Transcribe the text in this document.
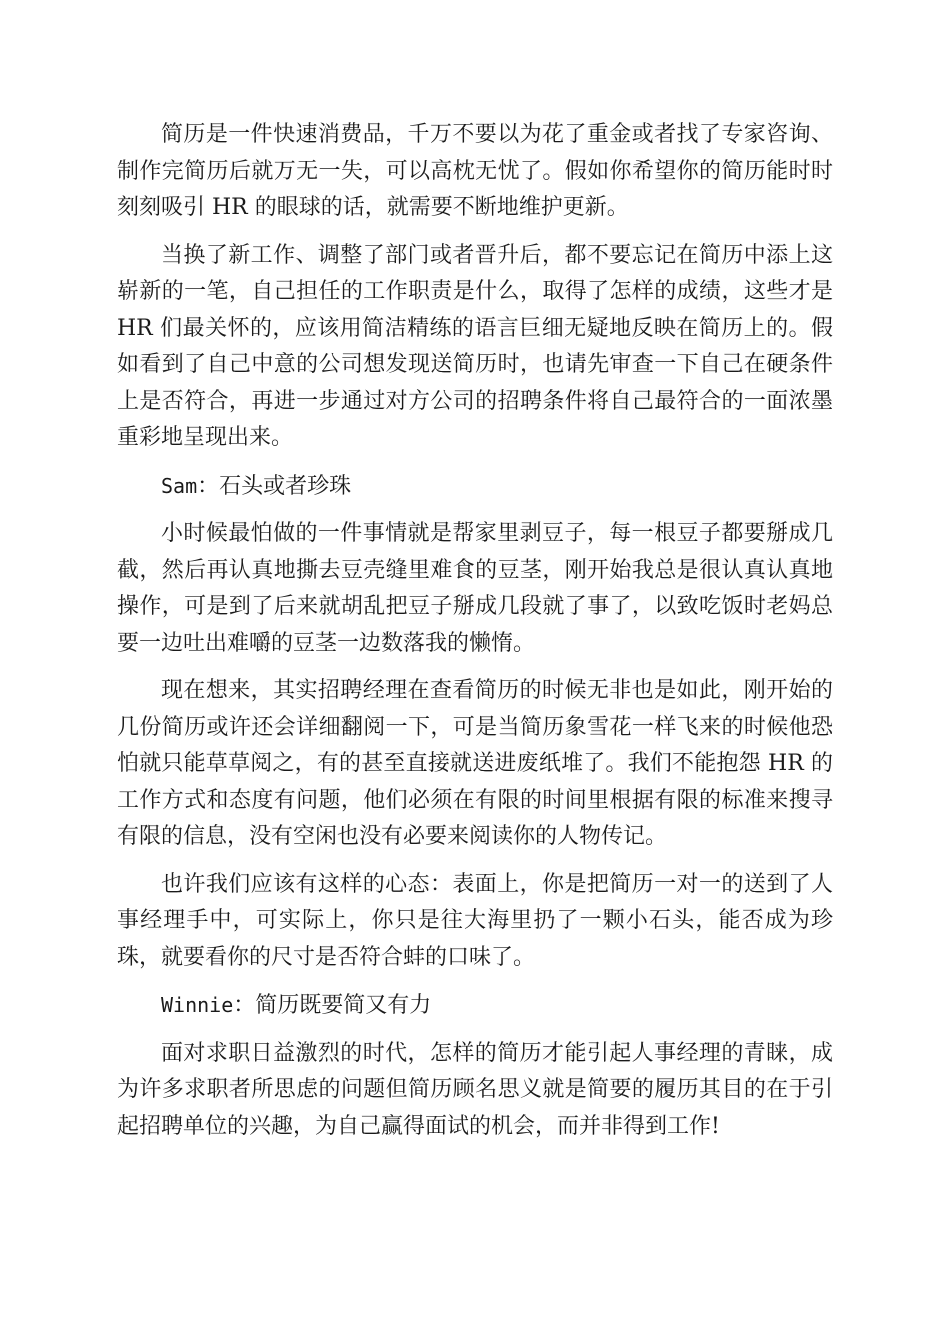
简历是一件快速消费品，千万不要以为花了重金或者找了专家咨询、制作完简历后就万无一失，可以高枕无忧了。假如你希望你的简历能时时刻刻吸引 HR 的眼球的话，就需要不断地维护更新。

当换了新工作、调整了部门或者晋升后，都不要忘记在简历中添上这崭新的一笔，自己担任的工作职责是什么，取得了怎样的成绩，这些才是 HR 们最关怀的，应该用简洁精练的语言巨细无疑地反映在简历上的。假如看到了自己中意的公司想发现送简历时，也请先审查一下自己在硬条件上是否符合，再进一步通过对方公司的招聘条件将自己最符合的一面浓墨重彩地呈现出来。

Sam：石头或者珍珠

小时候最怕做的一件事情就是帮家里剥豆子，每一根豆子都要掰成几截，然后再认真地撕去豆壳缝里难食的豆茎，刚开始我总是很认真认真地操作，可是到了后来就胡乱把豆子掰成几段就了事了，以致吃饭时老妈总要一边吐出难嚼的豆茎一边数落我的懒惰。

现在想来，其实招聘经理在查看简历的时候无非也是如此，刚开始的几份简历或许还会详细翻阅一下，可是当简历象雪花一样飞来的时候他恐怕就只能草草阅之，有的甚至直接就送进废纸堆了。我们不能抱怨 HR 的工作方式和态度有问题，他们必须在有限的时间里根据有限的标准来搜寻有限的信息，没有空闲也没有必要来阅读你的人物传记。

也许我们应该有这样的心态：表面上，你是把简历一对一的送到了人事经理手中，可实际上，你只是往大海里扔了一颗小石头，能否成为珍珠，就要看你的尺寸是否符合蚌的口味了。

Winnie：简历既要简又有力

面对求职日益激烈的时代，怎样的简历才能引起人事经理的青睐，成为许多求职者所思虑的问题但简历顾名思义就是简要的履历其目的在于引起招聘单位的兴趣，为自己赢得面试的机会，而并非得到工作!
